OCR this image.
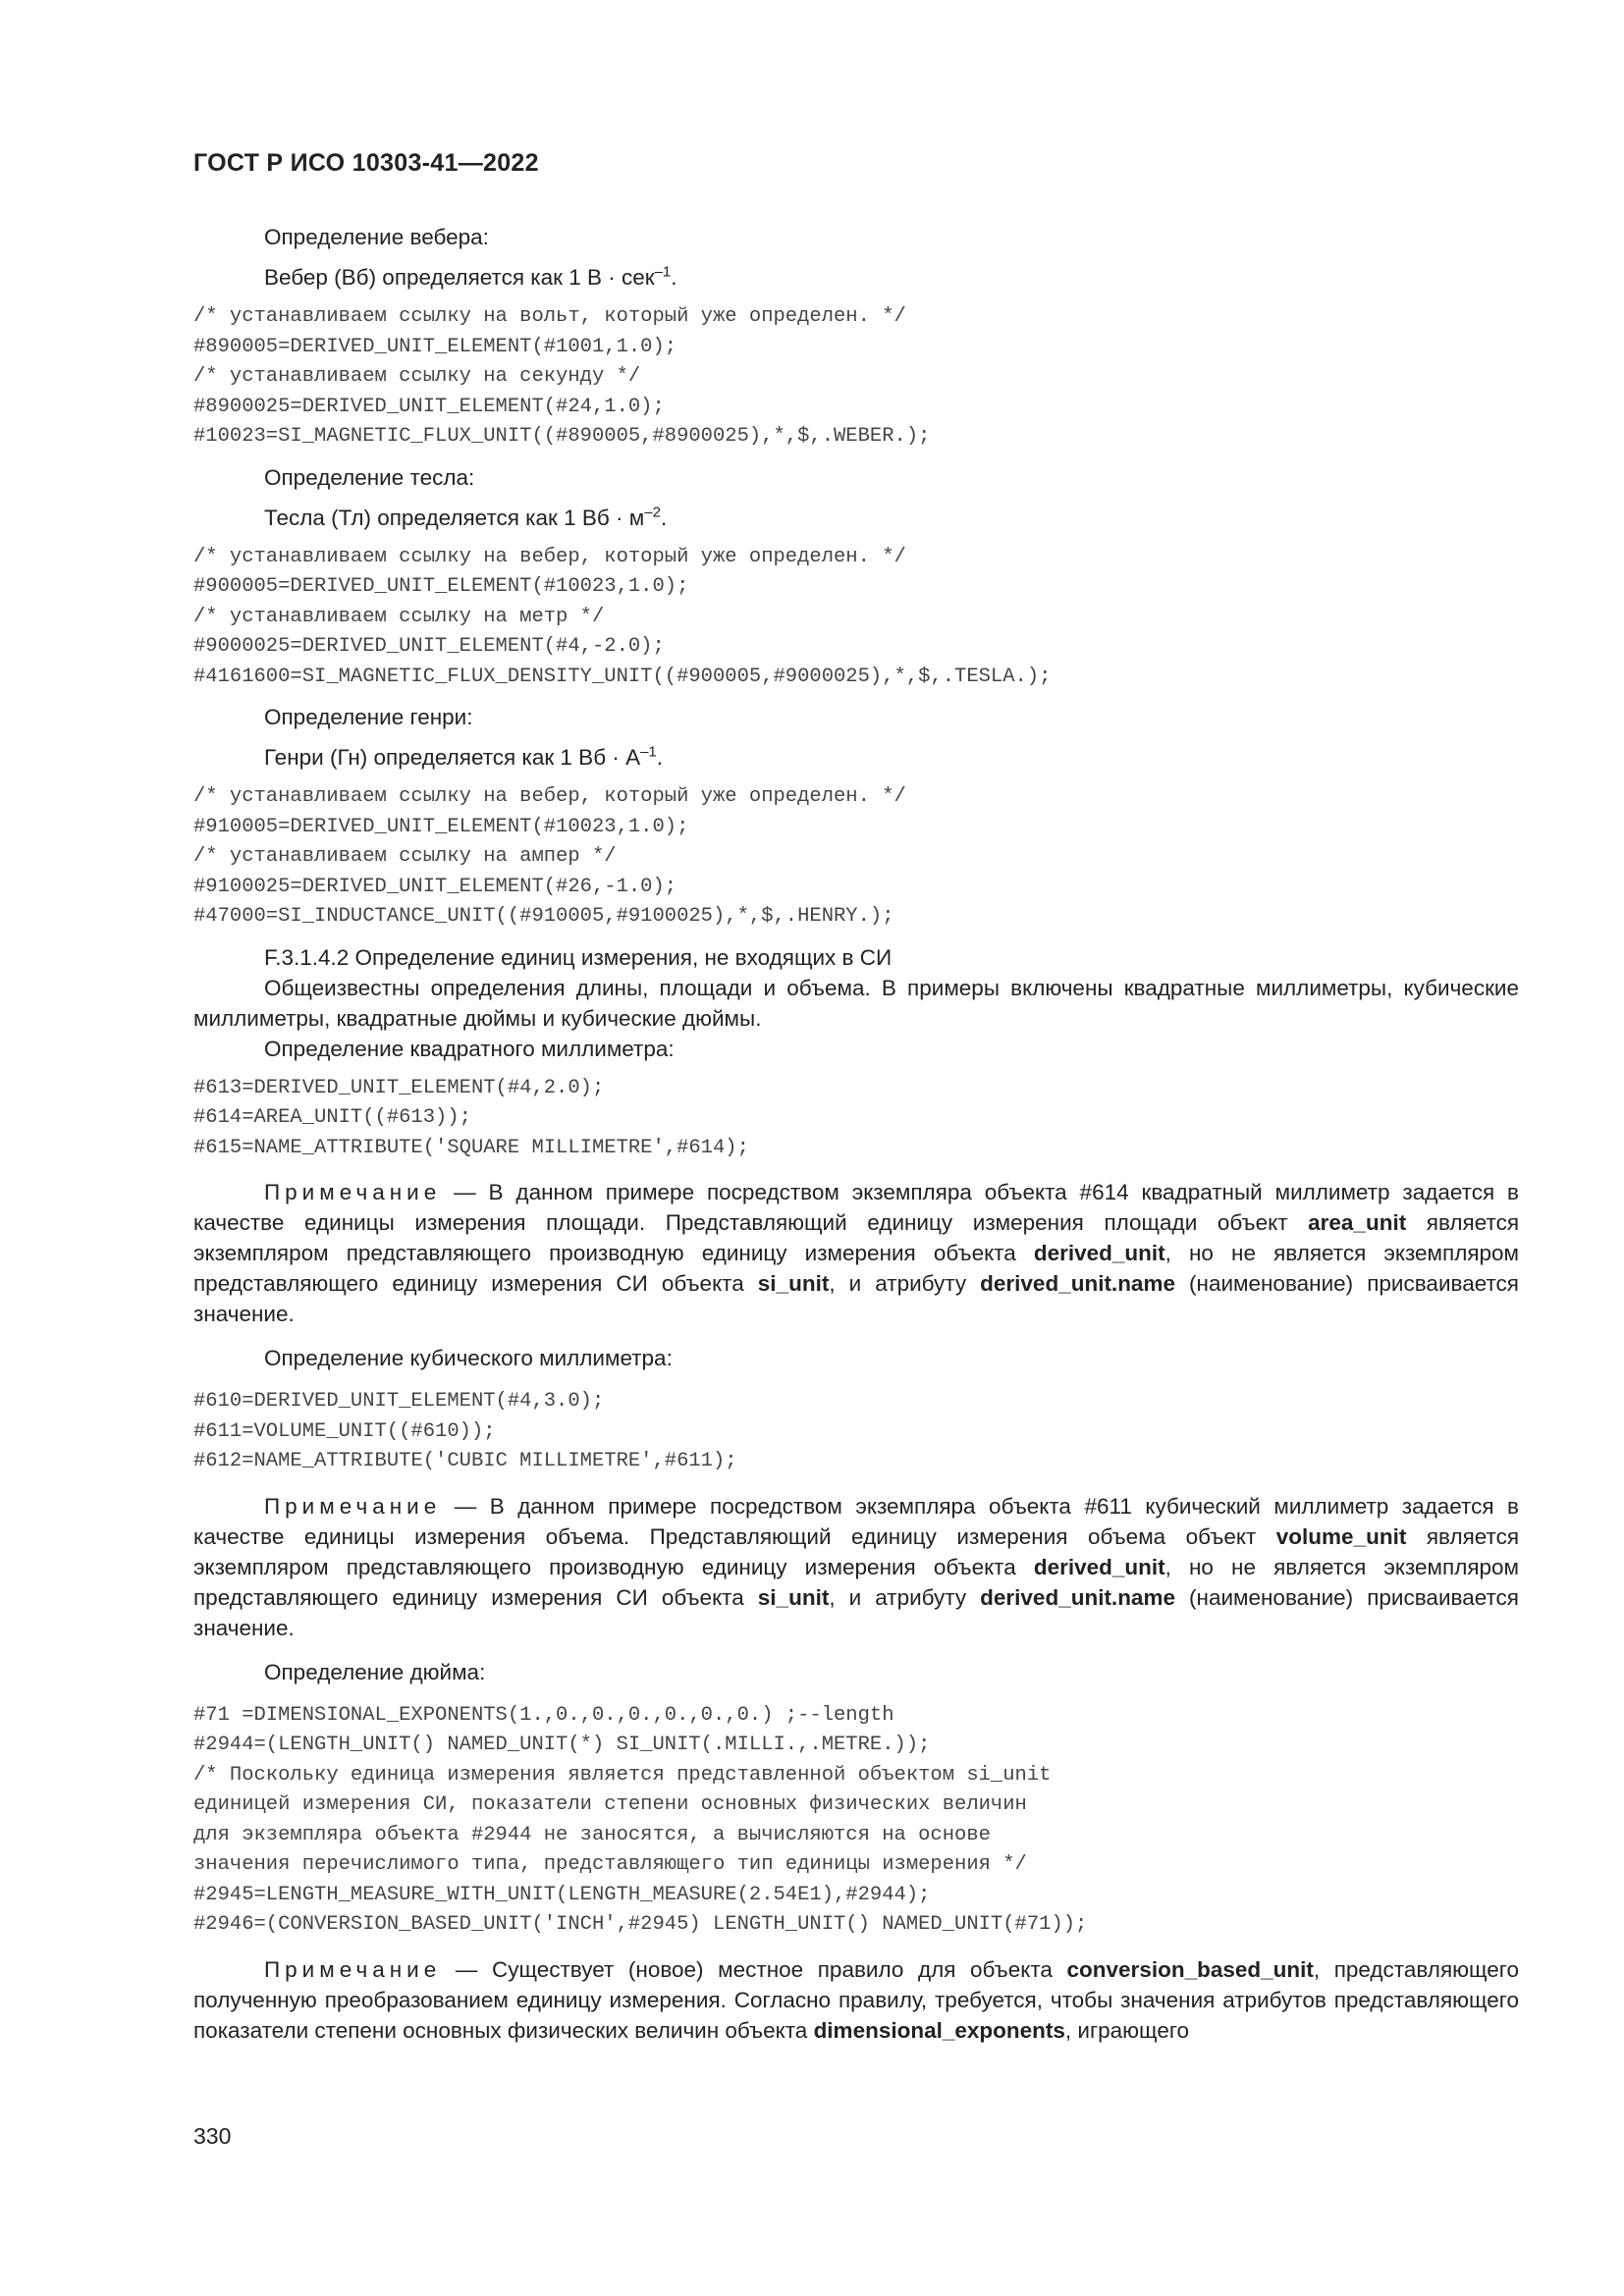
ГОСТ Р ИСО 10303-41—2022

Определение вебера:

Вебер (Вб) определяется как 1 В · сек$^{-1}$.

/* устанавливаем ссылку на вольт, который уже определен. */
#890005=DERIVED_UNIT_ELEMENT(#1001,1.0);
/* устанавливаем ссылку на секунду */
#8900025=DERIVED_UNIT_ELEMENT(#24,1.0);
#10023=SI_MAGNETIC_FLUX_UNIT((#890005,#8900025),*,$,.WEBER.);

Определение тесла:

Тесла (Тл) определяется как 1 Вб · $м^{-2}$.

/* устанавливаем ссылку на вебер, который уже определен. */
#900005=DERIVED_UNIT_ELEMENT(#10023,1.0);
/* устанавливаем ссылку на метр */
#9000025=DERIVED_UNIT_ELEMENT(#4,-2.0);
#4161600=SI_MAGNETIC_FLUX_DENSITY_UNIT((#900005,#9000025),*,$,.TESLA.);

Определение генри:

Генри (Гн) определяется как 1 Вб · $А^{-1}$.

/* устанавливаем ссылку на вебер, который уже определен. */
#910005=DERIVED_UNIT_ELEMENT(#10023,1.0);
/* устанавливаем ссылку на ампер */
#9100025=DERIVED_UNIT_ELEMENT(#26,-1.0);
#47000=SI_INDUCTANCE_UNIT((#910005,#9100025),*,$,.HENRY.);

F.3.1.4.2 Определение единиц измерения, не входящих в СИ

Общеизвестны определения длины, площади и объема. В примеры включены квадратные миллиметры, кубические миллиметры, квадратные дюймы и кубические дюймы.

Определение квадратного миллиметра:

#613=DERIVED_UNIT_ELEMENT(#4,2.0);
#614=AREA_UNIT((#613));
#615=NAME_ATTRIBUTE('SQUARE MILLIMETRE',#614);

Примечание — В данном примере посредством экземпляра объекта #614 квадратный миллиметр задается в качестве единицы измерения площади. Представляющий единицу измерения площади объект area_unit является экземпляром представляющего производную единицу измерения объекта derived_unit, но не является экземпляром представляющего единицу измерения СИ объекта si_unit, и атрибуту derived_unit.name (наименование) присваивается значение.

Определение кубического миллиметра:

#610=DERIVED_UNIT_ELEMENT(#4,3.0);
#611=VOLUME_UNIT((#610));
#612=NAME_ATTRIBUTE('CUBIC MILLIMETRE',#611);

Примечание — В данном примере посредством экземпляра объекта #611 кубический миллиметр задается в качестве единицы измерения объема. Представляющий единицу измерения объема объект volume_unit является экземпляром представляющего производную единицу измерения объекта derived_unit, но не является экземпляром представляющего единицу измерения СИ объекта si_unit, и атрибуту derived_unit.name (наименование) присваивается значение.

Определение дюйма:

#71 =DIMENSIONAL_EXPONENTS(1.,0.,0.,0.,0.,0.,0.) ;--length
#2944=(LENGTH_UNIT() NAMED_UNIT(*) SI_UNIT(.MILLI.,.METRE.));
/* Поскольку единица измерения является представленной объектом si_unit
единицей измерения СИ, показатели степени основных физических величин
для экземпляра объекта #2944 не заносятся, а вычисляются на основе
значения перечислимого типа, представляющего тип единицы измерения */
#2945=LENGTH_MEASURE_WITH_UNIT(LENGTH_MEASURE(2.54E1),#2944);
#2946=(CONVERSION_BASED_UNIT('INCH',#2945) LENGTH_UNIT() NAMED_UNIT(#71));

Примечание — Существует (новое) местное правило для объекта conversion_based_unit, представляющего полученную преобразованием единицу измерения. Согласно правилу, требуется, чтобы значения атрибутов представляющего показатели степени основных физических величин объекта dimensional_exponents, играющего

330
